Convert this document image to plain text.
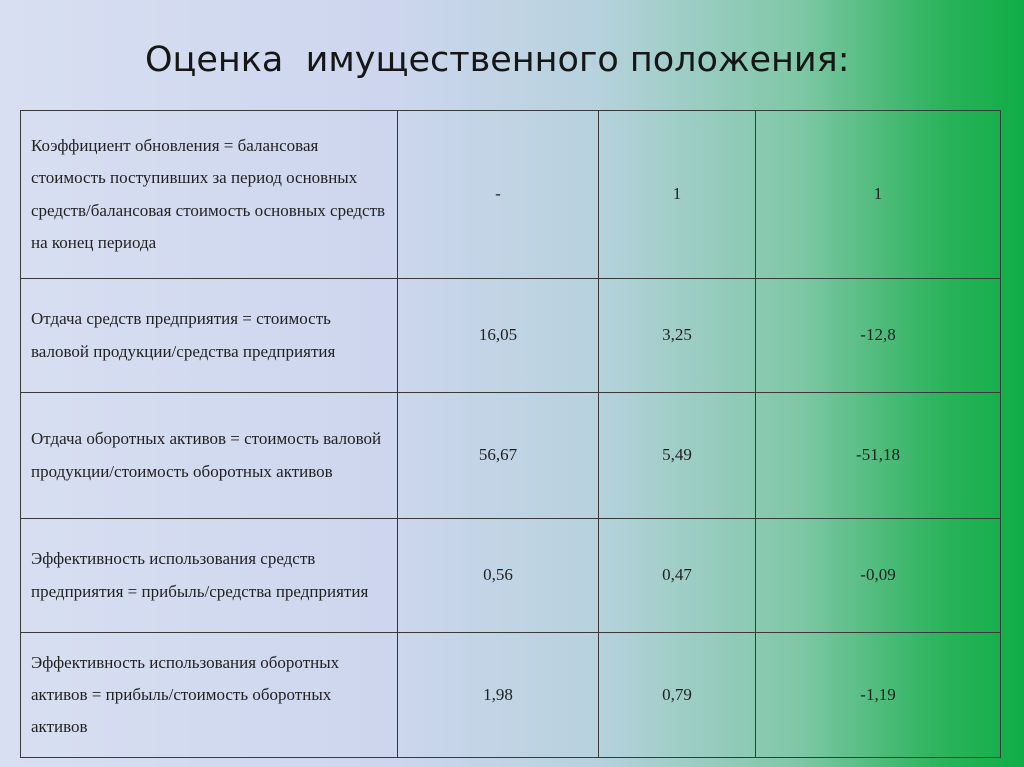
Оценка  имущественного положения:
Коэффициент обновления = балансовая стоимость поступивших за период основных средств/балансовая стоимость основных средств на конец периода	-	1	1
Отдача средств предприятия = стоимость валовой продукции/средства предприятия	16,05	3,25	-12,8
Отдача оборотных активов = стоимость валовой продукции/стоимость оборотных активов	56,67	5,49	-51,18
Эффективность использования средств предприятия = прибыль/средства предприятия	0,56	0,47	-0,09
Эффективность использования оборотных активов = прибыль/стоимость оборотных активов	1,98	0,79	-1,19
